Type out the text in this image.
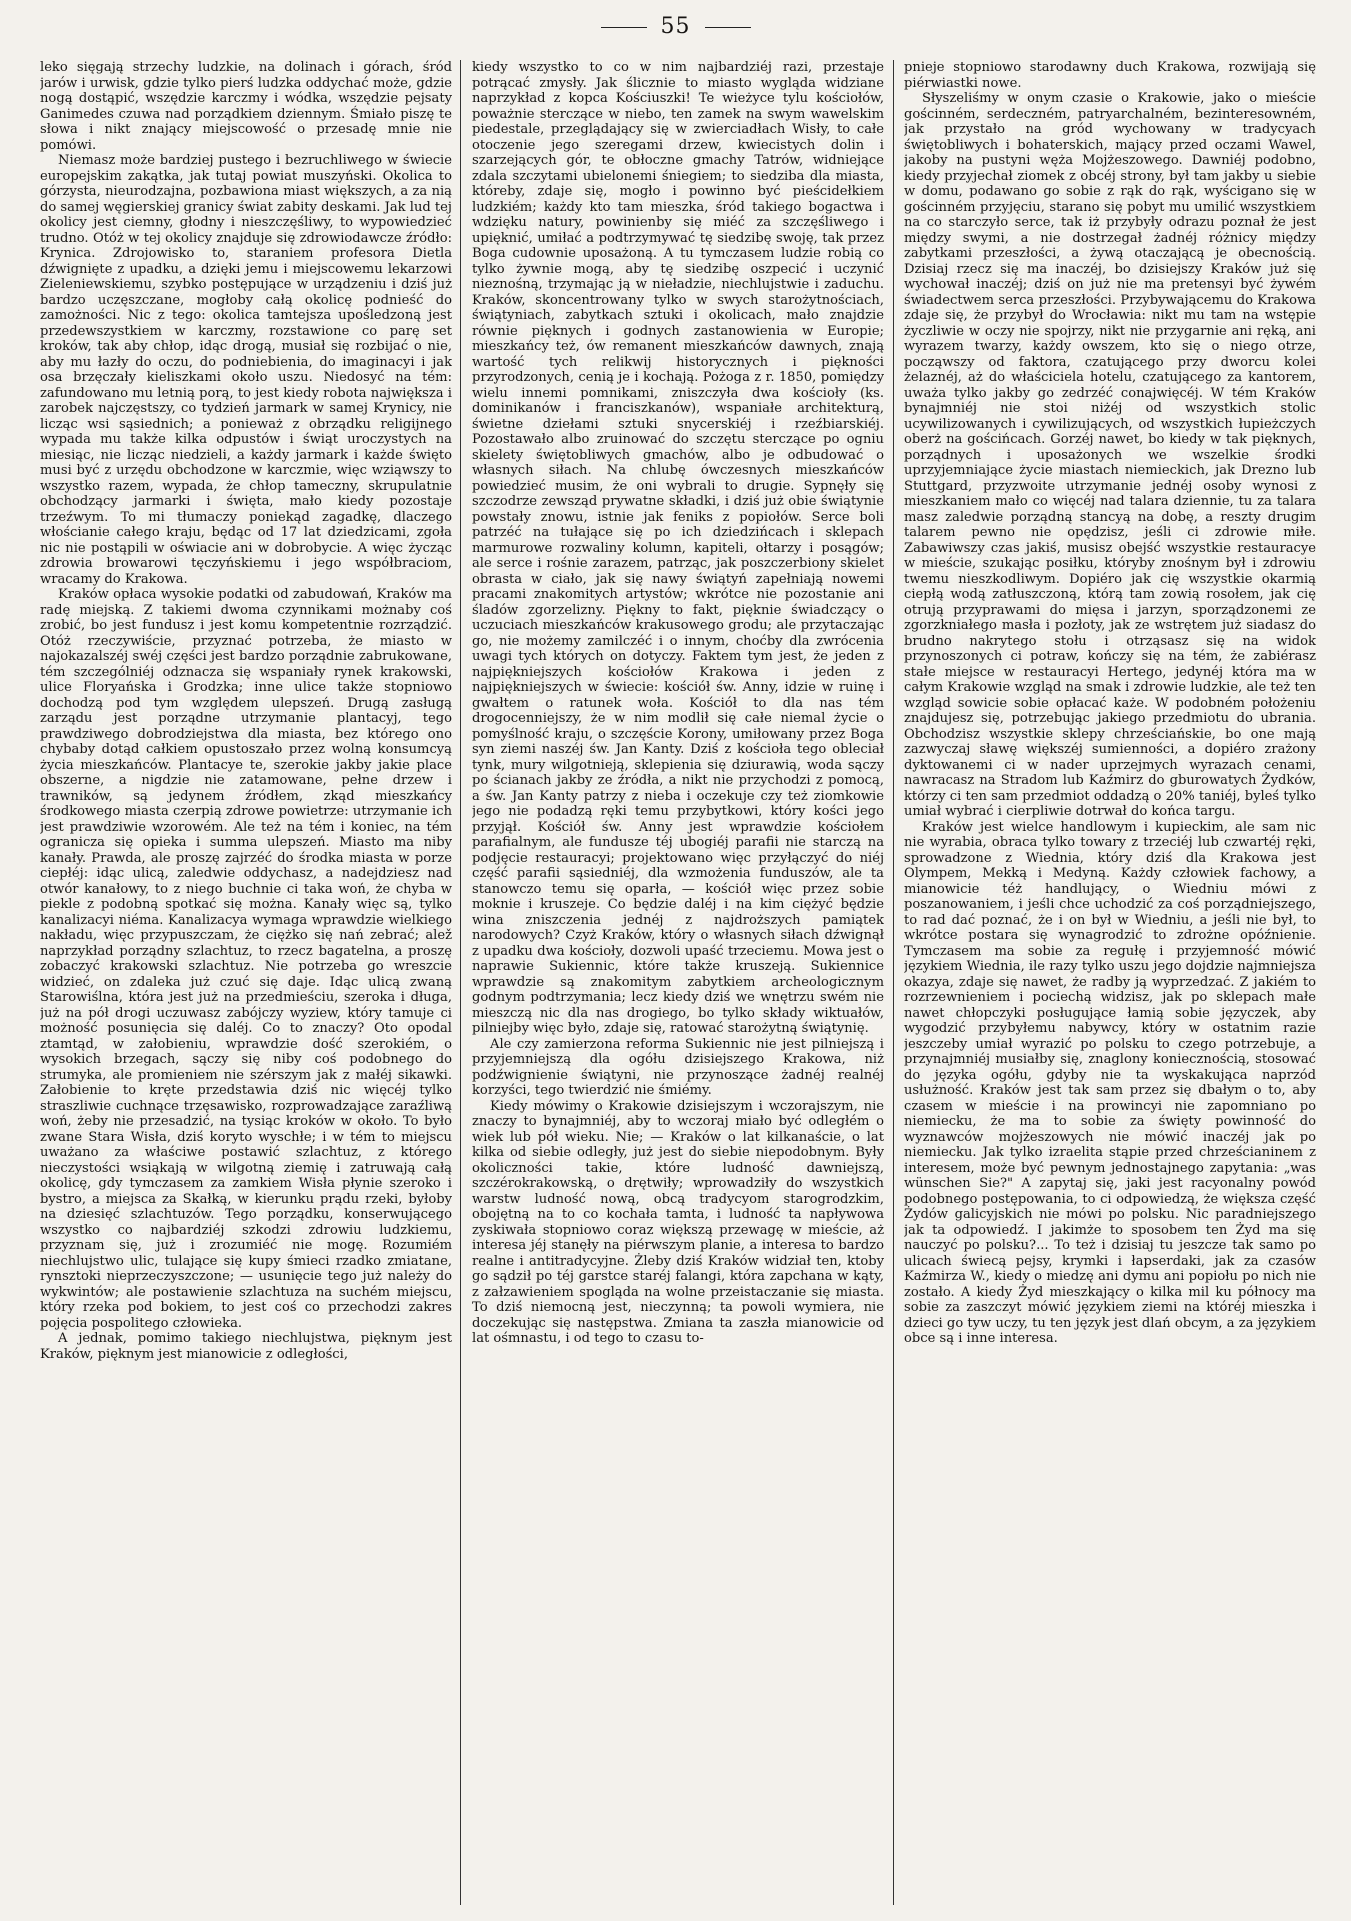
55

leko sięgają strzechy ludzkie, na dolinach i górach, śród jarów i urwisk, gdzie tylko pierś ludzka oddychać może, gdzie nogą dostąpić, wszędzie karczmy i wódka, wszędzie pejsaty Ganimedes czuwa nad porządkiem dziennym. Śmiało piszę te słowa i nikt znający miejscowość o przesadę mnie nie pomówi.

Niemasz może bardziej pustego i bezruchliwego w świecie europejskim zakątka, jak tutaj powiat muszyński. Okolica to górzysta, nieurodzajna, pozbawiona miast większych, a za nią do samej węgierskiej granicy świat zabity deskami. Jak lud tej okolicy jest ciemny, głodny i nieszczęśliwy, to wypowiedzieć trudno. Otóż w tej okolicy znajduje się zdrowiodawcze źródło: Krynica. Zdrojowisko to, staraniem profesora Dietla dźwignięte z upadku, a dzięki jemu i miejscowemu lekarzowi Zieleniewskiemu, szybko postępujące w urządzeniu i dziś już bardzo uczęszczane, mogłoby całą okolicę podnieść do zamożności. Nic z tego: okolica tamtejsza upośledzoną jest przedewszystkiem w karczmy, rozstawione co parę set kroków, tak aby chłop, idąc drogą, musiał się rozbijać o nie, aby mu łazły do oczu, do podniebienia, do imaginacyi i jak osa brzęczały kieliszkami około uszu. Niedosyć na tém: zafundowano mu letnią porą, to jest kiedy robota największa i zarobek najczęstszy, co tydzień jarmark w samej Krynicy, nie licząc wsi sąsiednich; a ponieważ z obrządku religijnego wypada mu także kilka odpustów i świąt uroczystych na miesiąc, nie licząc niedzieli, a każdy jarmark i każde święto musi być z urzędu obchodzone w karczmie, więc wziąwszy to wszystko razem, wypada, że chłop tameczny, skrupulatnie obchodzący jarmarki i święta, mało kiedy pozostaje trzeźwym. To mi tłumaczy poniekąd zagadkę, dlaczego włościanie całego kraju, będąc od 17 lat dziedzicami, zgoła nic nie postąpili w oświacie ani w dobrobycie. A więc życząc zdrowia browarowi tęczyńskiemu i jego współbraciom, wracamy do Krakowa.

Kraków opłaca wysokie podatki od zabudowań, Kraków ma radę miejską. Z takiemi dwoma czynnikami możnaby coś zrobić, bo jest fundusz i jest komu kompetentnie rozrządzić. Otóż rzeczywiście, przyznać potrzeba, że miasto w najokazalszéj swéj części jest bardzo porządnie zabrukowane, tém szczególniéj odznacza się wspaniały rynek krakowski, ulice Floryańska i Grodzka; inne ulice także stopniowo dochodzą pod tym względem ulepszeń. Drugą zasługą zarządu jest porządne utrzymanie plantacyj, tego prawdziwego dobrodziejstwa dla miasta, bez którego ono chybaby dotąd całkiem opustoszało przez wolną konsumcyą życia mieszkańców. Plantacye te, szerokie jakby jakie place obszerne, a nigdzie nie zatamowane, pełne drzew i trawników, są jedynem źródłem, zkąd mieszkańcy środkowego miasta czerpią zdrowe powietrze: utrzymanie ich jest prawdziwie wzorowém. Ale też na tém i koniec, na tém ogranicza się opieka i summa ulepszeń. Miasto ma niby kanały. Prawda, ale proszę zajrzéć do środka miasta w porze ciepłéj: idąc ulicą, zaledwie oddychasz, a nadejdziesz nad otwór kanałowy, to z niego buchnie ci taka woń, że chyba w piekle z podobną spotkać się można. Kanały więc są, tylko kanalizacyi niéma. Kanalizacya wymaga wprawdzie wielkiego nakładu, więc przypuszczam, że ciężko się nań zebrać; alež naprzykład porządny szlachtuz, to rzecz bagatelna, a proszę zobaczyć krakowski szlachtuz. Nie potrzeba go wreszcie widzieć, on zdaleka już czuć się daje. Idąc ulicą zwaną Starowiślna, która jest już na przedmieściu, szeroka i długa, już na pół drogi uczuwasz zabójczy wyziew, który tamuje ci możność posunięcia się daléj. Co to znaczy? Oto opodal ztamtąd, w załobieniu, wprawdzie dość szerokiém, o wysokich brzegach, sączy się niby coś podobnego do strumyka, ale promieniem nie szérszym jak z małéj sikawki. Załobienie to kręte przedstawia dziś nic więcéj tylko straszliwie cuchnące trzęsawisko, rozprowadzające zaraźliwą woń, żeby nie przesadzić, na tysiąc kroków w około. To było zwane Stara Wisła, dziś koryto wyschłe; i w tém to miejscu uważano za właściwe postawić szlachtuz, z którego nieczystości wsiąkają w wilgotną ziemię i zatruwają całą okolicę, gdy tymczasem za zamkiem Wisła płynie szeroko i bystro, a miejsca za Skałką, w kierunku prądu rzeki, byłoby na dziesięć szlachtuzów. Tego porządku, konserwującego wszystko co najbardziéj szkodzi zdrowiu ludzkiemu, przyznam się, już i zrozumiéć nie mogę. Rozumiém niechlujstwo ulic, tulające się kupy śmieci rzadko zmiatane, rynsztoki nieprzeczyszczone; — usunięcie tego już należy do wykwintów; ale postawienie szlachtuza na suchém miejscu, który rzeka pod bokiem, to jest coś co przechodzi zakres pojęcia pospolitego człowieka.

A jednak, pomimo takiego niechlujstwa, pięknym jest Kraków, pięknym jest mianowicie z odległości,

kiedy wszystko to co w nim najbardziéj razi, przestaje potrącać zmysły. Jak ślicznie to miasto wygląda widziane naprzykład z kopca Kościuszki! Te wieżyce tylu kościołów, poważnie sterczące w niebo, ten zamek na swym wawelskim piedestale, przeglądający się w zwierciadłach Wisły, to całe otoczenie jego szeregami drzew, kwiecistych dolin i szarzejących gór, te obłoczne gmachy Tatrów, widniejące zdala szczytami ubielonemi śniegiem; to siedziba dla miasta, któreby, zdaje się, mogło i powinno być pieścidełkiem ludzkiém; każdy kto tam mieszka, śród takiego bogactwa i wdzięku natury, powinienby się miéć za szczęśliwego i upięknić, umiłać a podtrzymywać tę siedzibę swoję, tak przez Boga cudownie uposażoną. A tu tymczasem ludzie robią co tylko żywnie mogą, aby tę siedzibę oszpecić i uczynić nieznośną, trzymając ją w nieładzie, niechlujstwie i zaduchu. Kraków, skoncentrowany tylko w swych starożytnościach, świątyniach, zabytkach sztuki i okolicach, mało znajdzie równie pięknych i godnych zastanowienia w Europie; mieszkańcy też, ów remanent mieszkańców dawnych, znają wartość tych relikwij historycznych i piękności przyrodzonych, cenią je i kochają. Pożoga z r. 1850, pomiędzy wielu innemi pomnikami, zniszczyła dwa kościoły (ks. dominikanów i franciszkanów), wspaniałe architekturą, świetne dziełami sztuki snycerskiéj i rzeźbiarskiéj. Pozostawało albo zruinować do szczętu sterczące po ogniu skielety świętobliwych gmachów, albo je odbudować o własnych siłach. Na chlubę ówczesnych mieszkańców powiedzieć musim, że oni wybrali to drugie. Sypnęły się szczodrze zewsząd prywatne składki, i dziś już obie świątynie powstały znowu, istnie jak feniks z popiołów. Serce boli patrzéć na tułające się po ich dziedzińcach i sklepach marmurowe rozwaliny kolumn, kapiteli, ołtarzy i posągów; ale serce i rośnie zarazem, patrząc, jak poszczerbiony skielet obrasta w ciało, jak się nawy świątyń zapełniają nowemi pracami znakomitych artystów; wkrótce nie pozostanie ani śladów zgorzelizny. Piękny to fakt, pięknie świadczący o uczuciach mieszkańców krakusowego grodu; ale przytaczając go, nie możemy zamilczéć i o innym, choćby dla zwrócenia uwagi tych których on dotyczy. Faktem tym jest, że jeden z najpiękniejszych kościołów Krakowa i jeden z najpiękniejszych w świecie: kościół św. Anny, idzie w ruinę i gwałtem o ratunek woła. Kościół to dla nas tém drogocenniejszy, że w nim modlił się całe niemal życie o pomyślność kraju, o szczęście Korony, umiłowany przez Boga syn ziemi naszéj św. Jan Kanty. Dziś z kościoła tego obleciał tynk, mury wilgotnieją, sklepienia się dziurawią, woda sączy po ścianach jakby ze źródła, a nikt nie przychodzi z pomocą, a św. Jan Kanty patrzy z nieba i oczekuje czy też ziomkowie jego nie podadzą ręki temu przybytkowi, który kości jego przyjął. Kościół św. Anny jest wprawdzie kościołem parafialnym, ale fundusze téj ubogiéj parafii nie starczą na podjęcie restauracyi; projektowano więc przyłączyć do niéj część parafii sąsiedniéj, dla wzmożenia funduszów, ale ta stanowczo temu się oparła, — kościół więc przez sobie moknie i kruszeje. Co będzie daléj i na kim ciężyć będzie wina zniszczenia jednéj z najdroższych pamiątek narodowych? Czyż Kraków, który o własnych siłach dźwignął z upadku dwa kościoły, dozwoli upaść trzeciemu. Mowa jest o naprawie Sukiennic, które także kruszeją. Sukiennice wprawdzie są znakomitym zabytkiem archeologicznym godnym podtrzymania; lecz kiedy dziś we wnętrzu swém nie mieszczą nic dla nas drogiego, bo tylko składy wiktuałów, pilniejby więc było, zdaje się, ratować starożytną świątynię.

Ale czy zamierzona reforma Sukiennic nie jest pilniejszą i przyjemniejszą dla ogółu dzisiejszego Krakowa, niż podźwignienie świątyni, nie przynoszące żadnéj realnéj korzyści, tego twierdzić nie śmiémy.

Kiedy mówimy o Krakowie dzisiejszym i wczorajszym, nie znaczy to bynajmniéj, aby to wczoraj miało być odległém o wiek lub pół wieku. Nie; — Kraków o lat kilkanaście, o lat kilka od siebie odległy, już jest do siebie niepodobnym. Były okoliczności takie, które ludność dawniejszą, szczérokrakowską, o drętwiły; wprowadziły do wszystkich warstw ludność nową, obcą tradycyom starogrodzkim, obojętną na to co kochała tamta, i ludność ta napływowa zyskiwała stopniowo coraz większą przewagę w mieście, aż interesa jéj stanęły na piérwszym planie, a interesa to bardzo realne i antitradycyjne. Żleby dziś Kraków widział ten, ktoby go sądził po téj garstce staréj falangi, która zapchana w kąty, z załzawieniem spogląda na wolne przeistaczanie się miasta. To dziś niemocną jest, nieczynną; ta powoli wymiera, nie doczekując się następstwa. Zmiana ta zaszła mianowicie od lat ośmnastu, i od tego to czasu to-

pnieje stopniowo starodawny duch Krakowa, rozwijają się piérwiastki nowe.

Słyszeliśmy w onym czasie o Krakowie, jako o mieście gościnném, serdeczném, patryarchalném, bezinteresowném, jak przystało na gród wychowany w tradycyach świętobliwych i bohaterskich, mający przed oczami Wawel, jakoby na pustyni węża Mojżeszowego. Dawniéj podobno, kiedy przyjechał ziomek z obcéj strony, był tam jakby u siebie w domu, podawano go sobie z rąk do rąk, wyścigano się w gościnném przyjęciu, starano się pobyt mu umilić wszystkiem na co starczyło serce, tak iż przybyły odrazu poznał że jest między swymi, a nie dostrzegał żadnéj różnicy między zabytkami przeszłości, a żywą otaczającą je obecnością. Dzisiaj rzecz się ma inaczéj, bo dzisiejszy Kraków już się wychował inaczéj; dziś on już nie ma pretensyi być żywém świadectwem serca przeszłości. Przybywającemu do Krakowa zdaje się, że przybył do Wrocławia: nikt mu tam na wstępie życzliwie w oczy nie spojrzy, nikt nie przygarnie ani ręką, ani wyrazem twarzy, każdy owszem, kto się o niego otrze, począwszy od faktora, czatującego przy dworcu kolei żelaznéj, aż do właściciela hotelu, czatującego za kantorem, uważa tylko jakby go zedrzéć conajwięcéj. W tém Kraków bynajmniéj nie stoi niżéj od wszystkich stolic ucywilizowanych i cywilizujących, od wszystkich łupieżczych oberż na gościńcach. Gorzéj nawet, bo kiedy w tak pięknych, porządnych i uposażonych we wszelkie środki uprzyjemniające życie miastach niemieckich, jak Drezno lub Stuttgard, przyzwoite utrzymanie jednéj osoby wynosi z mieszkaniem mało co więcéj nad talara dziennie, tu za talara masz zaledwie porządną stancyą na dobę, a reszty drugim talarem pewno nie opędzisz, jeśli ci zdrowie miłe. Zabawiwszy czas jakiś, musisz obejść wszystkie restauracye w mieście, szukając posiłku, któryby znośnym był i zdrowiu twemu nieszkodliwym. Dopiéro jak cię wszystkie okarmią ciepłą wodą zatłuszczoną, którą tam zowią rosołem, jak cię otrują przyprawami do mięsa i jarzyn, sporządzonemi ze zgorzkniałego masła i pozłoty, jak ze wstrętem już siadasz do brudno nakrytego stołu i otrząsasz się na widok przynoszonych ci potraw, kończy się na tém, że zabiérasz stałe miejsce w restauracyi Hertego, jedynéj która ma w całym Krakowie wzgląd na smak i zdrowie ludzkie, ale też ten wzgląd sowicie sobie opłacać każe. W podobném położeniu znajdujesz się, potrzebując jakiego przedmiotu do ubrania. Obchodzisz wszystkie sklepy chrześciańskie, bo one mają zazwyczaj sławę większéj sumienności, a dopiéro zrażony dyktowanemi ci w nader uprzejmych wyrazach cenami, nawracasz na Stradom lub Kaźmirz do gburowatych Żydków, którzy ci ten sam przedmiot oddadzą o 20% taniéj, byleś tylko umiał wybrać i cierpliwie dotrwał do końca targu.

Kraków jest wielce handlowym i kupieckim, ale sam nic nie wyrabia, obraca tylko towary z trzeciéj lub czwartéj ręki, sprowadzone z Wiednia, który dziś dla Krakowa jest Olympem, Mekką i Medyną. Każdy człowiek fachowy, a mianowicie téż handlujący, o Wiedniu mówi z poszanowaniem, i jeśli chce uchodzić za coś porządniejszego, to rad dać poznać, że i on był w Wiedniu, a jeśli nie był, to wkrótce postara się wynagrodzić to zdrożne opóźnienie. Tymczasem ma sobie za regułę i przyjemność mówić językiem Wiednia, ile razy tylko uszu jego dojdzie najmniejsza okazya, zdaje się nawet, że radby ją wyprzedzać. Z jakiém to rozrzewnieniem i pociechą widzisz, jak po sklepach małe nawet chłopczyki posługujące łamią sobie języczek, aby wygodzić przybyłemu nabywcy, który w ostatnim razie jeszczeby umiał wyrazić po polsku to czego potrzebuje, a przynajmniéj musiałby się, znaglony koniecznością, stosować do języka ogółu, gdyby nie ta wyskakująca naprzód usłużność. Kraków jest tak sam przez się dbałym o to, aby czasem w mieście i na prowincyi nie zapomniano po niemiecku, że ma to sobie za święty powinność do wyznawców mojżeszowych nie mówić inaczéj jak po niemiecku. Jak tylko izraelita stąpie przed chrześcianinem z interesem, może być pewnym jednostajnego zapytania: „was wünschen Sie?" A zapytaj się, jaki jest racyonalny powód podobnego postępowania, to ci odpowiedzą, że większa część Żydów galicyjskich nie mówi po polsku. Nic paradniejszego jak ta odpowiedź. I jakimże to sposobem ten Żyd ma się nauczyć po polsku?... To też i dzisiaj tu jeszcze tak samo po ulicach świecą pejsy, krymki i łapserdaki, jak za czasów Kaźmirza W., kiedy o miedzę ani dymu ani popiołu po nich nie zostało. A kiedy Żyd mieszkający o kilka mil ku północy ma sobie za zaszczyt mówić językiem ziemi na któréj mieszka i dzieci go tyw uczy, tu ten język jest dlań obcym, a za językiem obce są i inne interesa.
